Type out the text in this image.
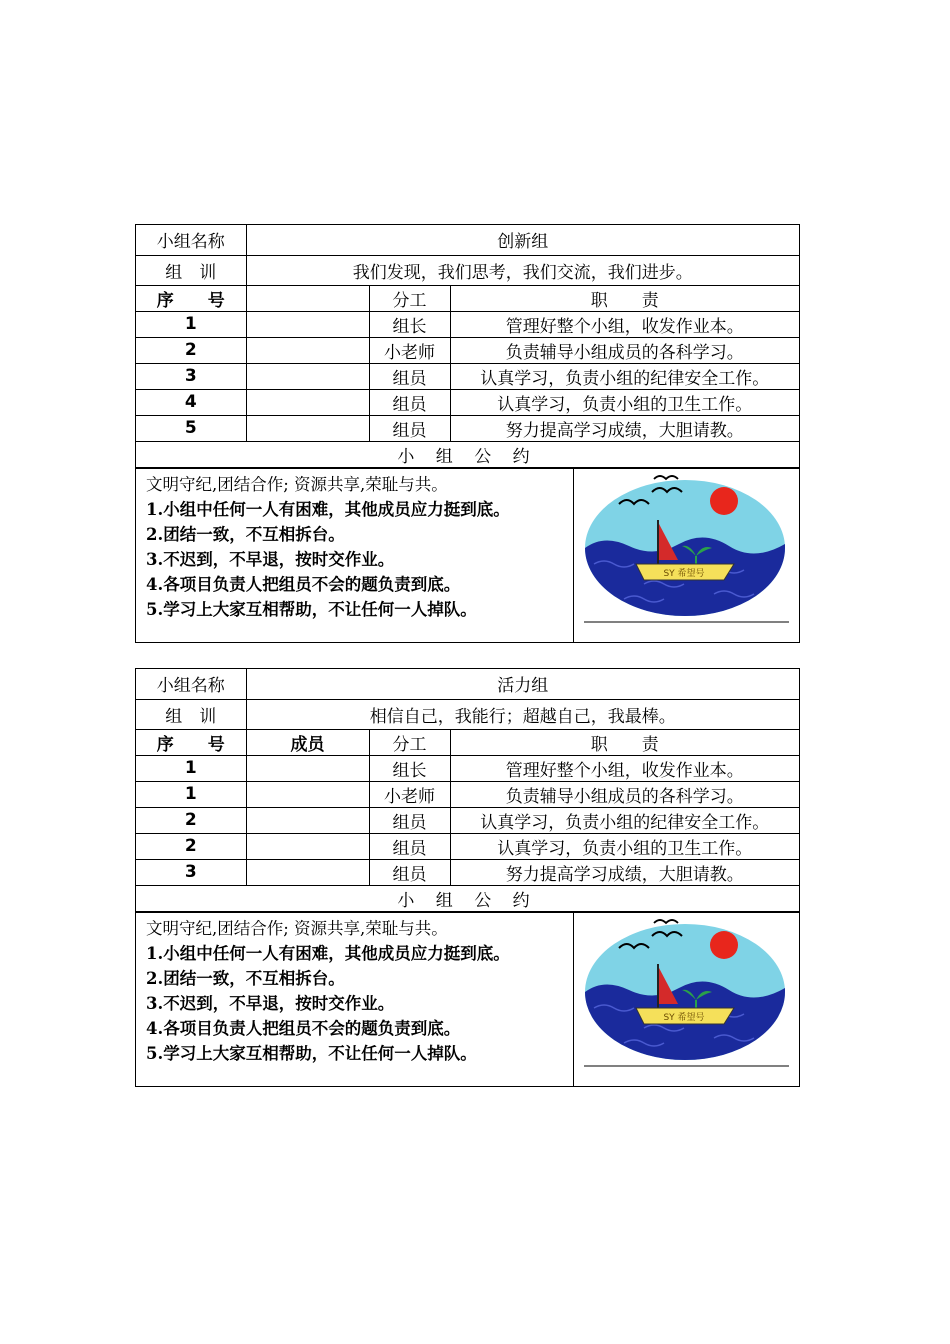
小组名称	创新组		
组　训	我们发现，我们思考，我们交流，我们进步。		
序　　号		分工	职　　责
1		组长	管理好整个小组，收发作业本。
2		小老师	负责辅导小组成员的各科学习。
3		组员	认真学习，负责小组的纪律安全工作。
4		组员	认真学习，负责小组的卫生工作。
5		组员	努力提高学习成绩，大胆请教。
小 组 公 约			
文明守纪,团结合作; 资源共享,荣耻与共。
1.小组中任何一人有困难，其他成员应力挺到底。
2.团结一致，不互相拆台。
3.不迟到，不早退，按时交作业。
4.各项目负责人把组员不会的题负责到底。
5.学习上大家互相帮助，不让任何一人掉队。
SY 希望号
小组名称	活力组		
组　训	相信自己，我能行；超越自己，我最棒。		
序　　号	成员	分工	职　　责
1		组长	管理好整个小组，收发作业本。
1		小老师	负责辅导小组成员的各科学习。
2		组员	认真学习，负责小组的纪律安全工作。
2		组员	认真学习，负责小组的卫生工作。
3		组员	努力提高学习成绩，大胆请教。
小 组 公 约			
文明守纪,团结合作; 资源共享,荣耻与共。
1.小组中任何一人有困难，其他成员应力挺到底。
2.团结一致，不互相拆台。
3.不迟到，不早退，按时交作业。
4.各项目负责人把组员不会的题负责到底。
5.学习上大家互相帮助，不让任何一人掉队。
SY 希望号
